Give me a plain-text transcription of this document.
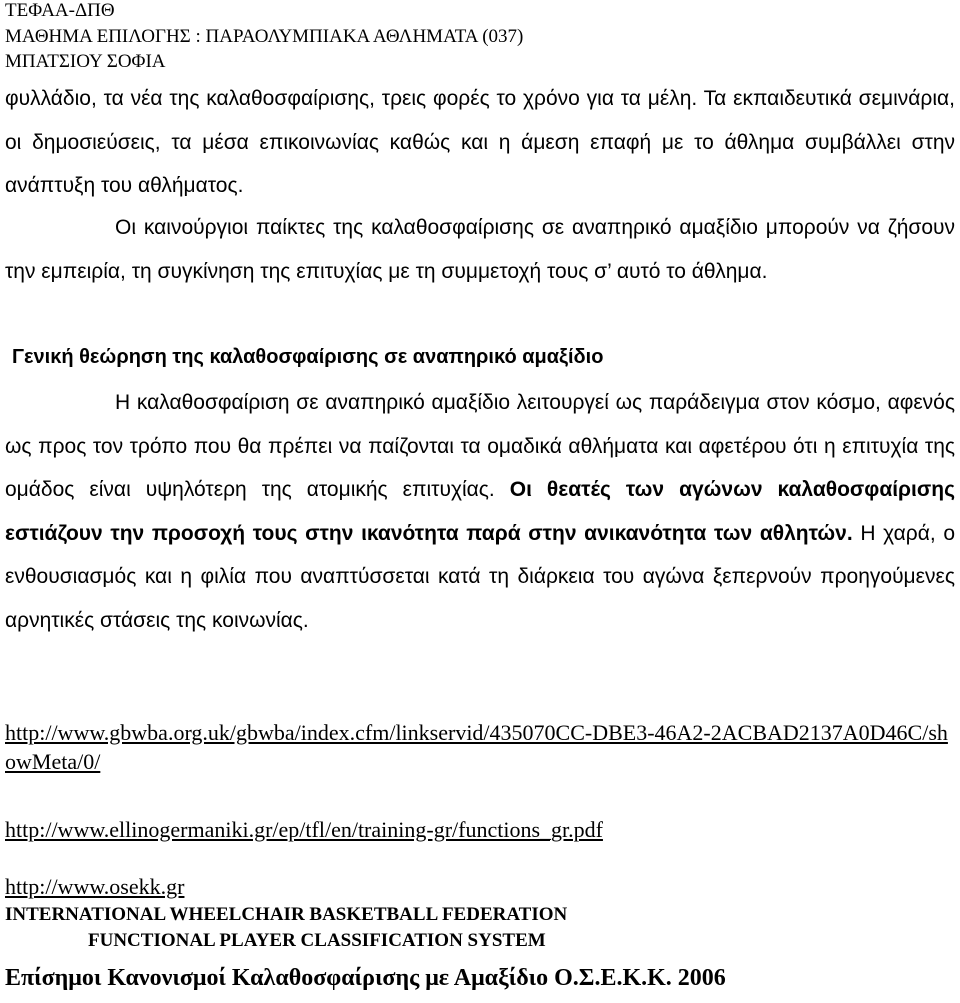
ΤΕΦΑΑ-ΔΠΘ
ΜΑΘΗΜΑ ΕΠΙΛΟΓΗΣ : ΠΑΡΑΟΛΥΜΠΙΑΚΑ ΑΘΛΗΜΑΤΑ (037)
ΜΠΑΤΣΙΟΥ ΣΟΦΙΑ
φυλλάδιο, τα νέα της καλαθοσφαίρισης, τρεις φορές το χρόνο για τα μέλη. Τα εκπαιδευτικά σεμινάρια, οι δημοσιεύσεις, τα μέσα επικοινωνίας καθώς και η άμεση επαφή με το άθλημα συμβάλλει στην ανάπτυξη του αθλήματος.
Οι καινούργιοι παίκτες της καλαθοσφαίρισης σε αναπηρικό αμαξίδιο μπορούν να ζήσουν την εμπειρία, τη συγκίνηση της επιτυχίας με τη συμμετοχή τους σ’ αυτό το άθλημα.
Γενική θεώρηση της καλαθοσφαίρισης σε αναπηρικό αμαξίδιο
Η καλαθοσφαίριση σε αναπηρικό αμαξίδιο λειτουργεί ως παράδειγμα στον κόσμο, αφενός ως προς τον τρόπο που θα πρέπει να παίζονται τα ομαδικά αθλήματα και αφετέρου ότι η επιτυχία της ομάδος είναι υψηλότερη της ατομικής επιτυχίας. Οι θεατές των αγώνων καλαθοσφαίρισης εστιάζουν την προσοχή τους στην ικανότητα παρά στην ανικανότητα των αθλητών. Η χαρά, ο ενθουσιασμός και η φιλία που αναπτύσσεται κατά τη διάρκεια του αγώνα ξεπερνούν προηγούμενες αρνητικές στάσεις της κοινωνίας.
http://www.gbwba.org.uk/gbwba/index.cfm/linkservid/435070CC-DBE3-46A2-2ACBAD2137A0D46C/showMeta/0/
http://www.ellinogermaniki.gr/ep/tfl/en/training-gr/functions_gr.pdf
http://www.osekk.gr
INTERNATIONAL WHEELCHAIR BASKETBALL FEDERATION
FUNCTIONAL PLAYER CLASSIFICATION SYSTEM
Επίσημοι Κανονισμοί Καλαθοσφαίρισης με Αμαξίδιο Ο.Σ.Ε.Κ.Κ. 2006
